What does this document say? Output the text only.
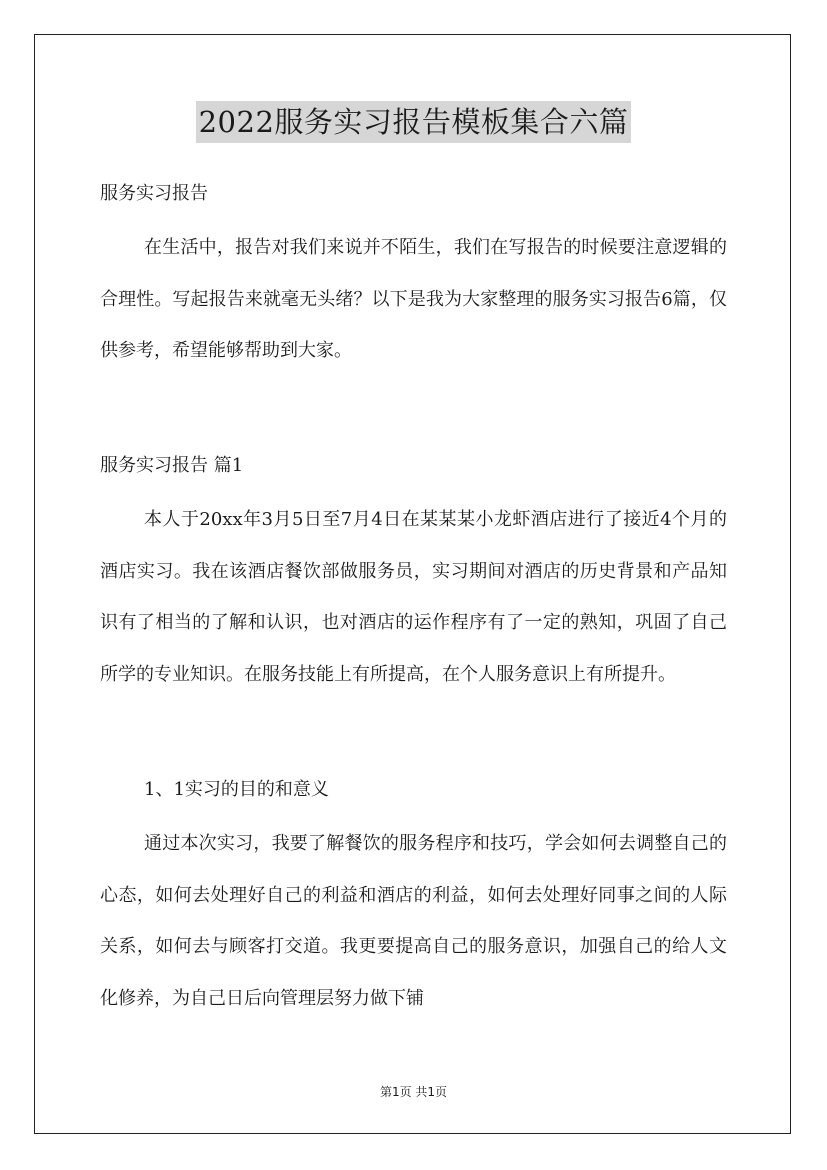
2022服务实习报告模板集合六篇

服务实习报告

在生活中，报告对我们来说并不陌生，我们在写报告的时候要注意逻辑的合理性。写起报告来就毫无头绪？以下是我为大家整理的服务实习报告6篇，仅供参考，希望能够帮助到大家。

服务实习报告 篇1

本人于20xx年3月5日至7月4日在某某某小龙虾酒店进行了接近4个月的酒店实习。我在该酒店餐饮部做服务员，实习期间对酒店的历史背景和产品知识有了相当的了解和认识，也对酒店的运作程序有了一定的熟知，巩固了自己所学的专业知识。在服务技能上有所提高，在个人服务意识上有所提升。

1、1实习的目的和意义

通过本次实习，我要了解餐饮的服务程序和技巧，学会如何去调整自己的心态，如何去处理好自己的利益和酒店的利益，如何去处理好同事之间的人际关系，如何去与顾客打交道。我更要提高自己的服务意识，加强自己的给人文化修养，为自己日后向管理层努力做下铺

第1页 共1页
